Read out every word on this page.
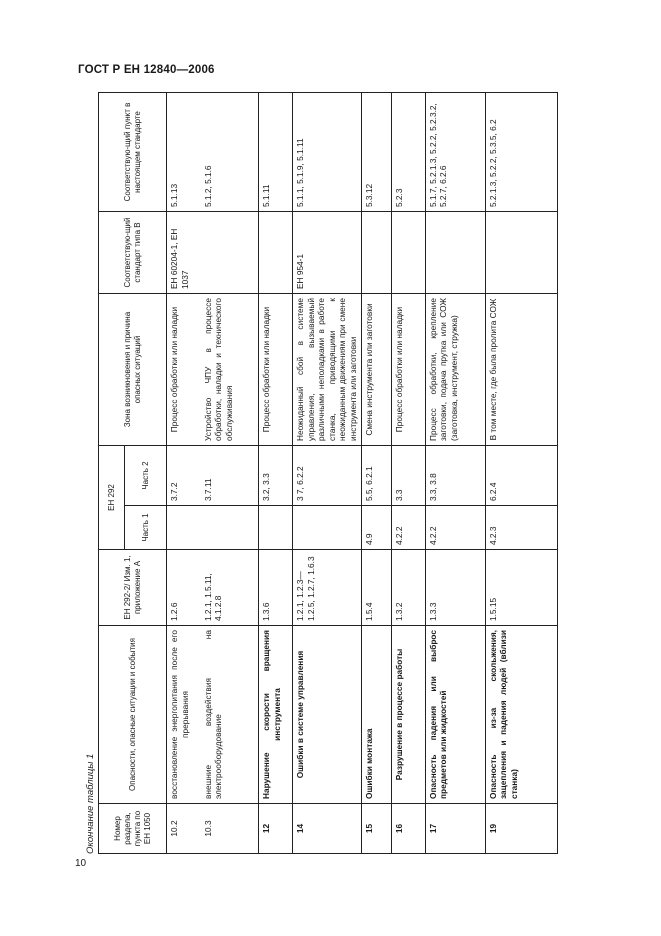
ГОСТ Р ЕН 12840—2006
Окончание таблицы 1 Номер раздела, пункта по ЕН 1050	Опасности, опасные ситуации и события	ЕН 292-2/ Изм. 1, приложение А	ЕН 292		Зона возникновения и причина опасных ситуаций	Соответствую-щий стандарт типа В	Соответствую-щий пункт в настоящем стандарте
			Часть 1	Часть 2			
10.2	восстановление энергопитания после его прерывания	1.2.6		3.7.2	Процесс обработки или наладки	ЕН 60204-1, ЕН 1037	5.1.13
10.3	внешние воздействия на электрооборудование	1.2.1, 1.5.11, 4.1.2.8		3.7.11	Устройство ЧПУ в процессе обработки, наладки и технического обслуживания		5.1.2, 5.1.6
12	Нарушение скорости вращения инструмента	1.3.6		3.2, 3.3	Процесс обработки или наладки		5.1.11
14	Ошибки в системе управления	1.2.1, 1.2.3—1.2.5, 1.2.7, 1.6.3		3 7, 6.2.2	Неожиданный сбой в системе управления, вызываемый различными неполадками в работе станка, приводящими к неожиданным движениям при смене инструмента или заготовки	ЕН 954-1	5.1.1, 5.1.9, 5.1.11
15	Ошибки монтажа	1.5.4	4.9	5.5, 6.2.1	Смена инструмента или заготовки		5.3.12
16	Разрушение в процессе работы	1.3.2	4.2.2	3.3	Процесс обработки или наладки		5.2.3
17	Опасность падения или выброс предметов или жидкостей	1.3.3	4.2.2	3.3, 3.8	Процесс обработки, крепление заготовки, подача прутка или СОЖ (заготовка, инструмент, стружка)		5.1.7, 5.2.1.3, 5.2.2, 5.2.3.2, 5.2.7, 6.2.6
19	Опасность из-за скольжения, зацепления и падения людей (вблизи станка)	1.5.15	4.2.3	6.2.4	В том месте, где была пролита СОЖ		5.2.1.3, 5.2.2, 5.3.5, 6.2
10
